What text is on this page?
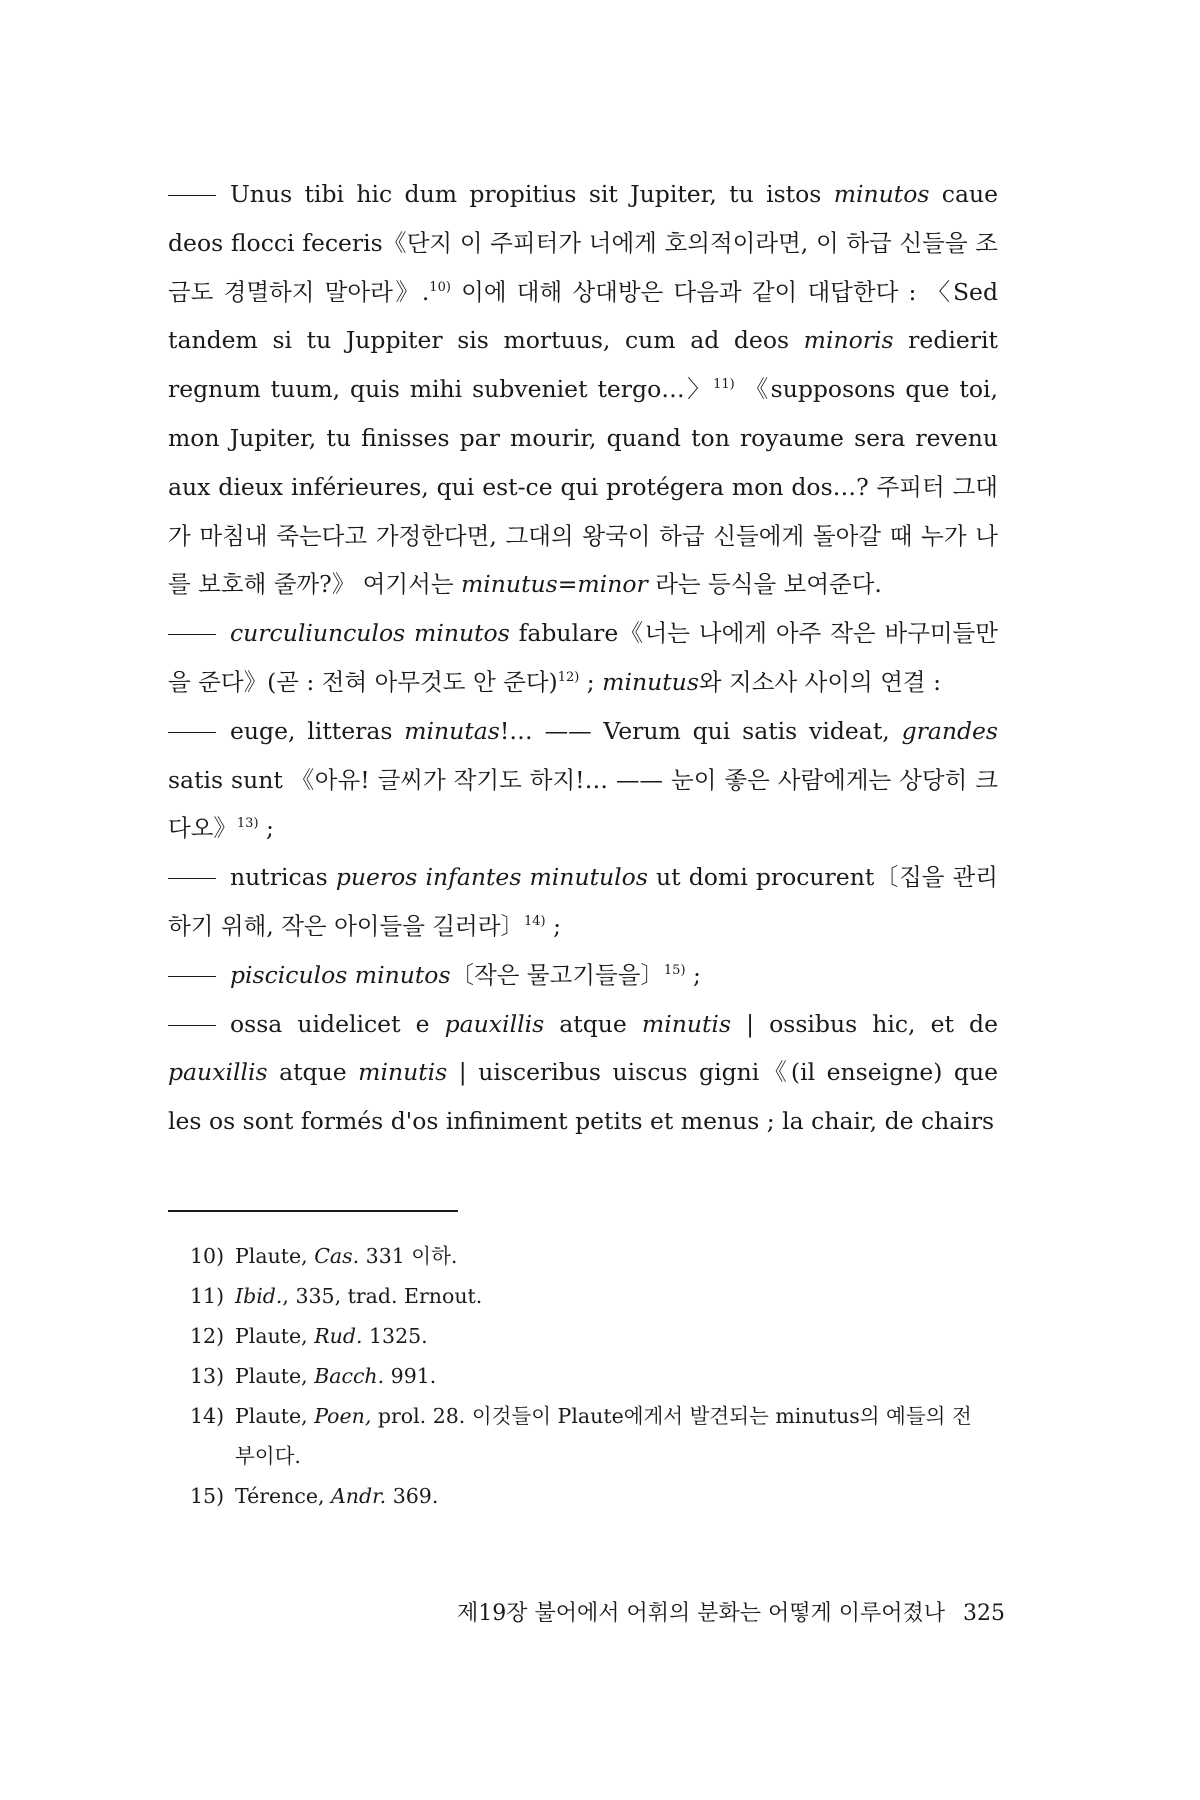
Unus tibi hic dum propitius sit Jupiter, tu istos minutos caue deos flocci feceris《단지 이 주피터가 너에게 호의적이라면, 이 하급 신들을 조금도 경멸하지 말아라》.$^{10)}$ 이에 대해 상대방은 다음과 같이 대답한다 : 〈Sed tandem si tu Juppiter sis mortuus, cum ad deos minoris redierit regnum tuum, quis mihi subveniet tergo…〉$^{11)}$ 《supposons que toi, mon Jupiter, tu finisses par mourir, quand ton royaume sera revenu aux dieux inférieures, qui est-ce qui protégera mon dos…? 주피터 그대가 마침내 죽는다고 가정한다면, 그대의 왕국이 하급 신들에게 돌아갈 때 누가 나를 보호해 줄까?》 여기서는 minutus=minor 라는 등식을 보여준다.

curculiunculos minutos fabulare《너는 나에게 아주 작은 바구미들만을 준다》(곧 : 전혀 아무것도 안 준다)$^{12)}$ ; minutus와 지소사 사이의 연결 :

euge, litteras minutas!… —— Verum qui satis videat, grandes satis sunt 《아유! 글씨가 작기도 하지!… —— 눈이 좋은 사람에게는 상당히 크다오》$^{13)}$ ;

nutricas pueros infantes minutulos ut domi procurent〔집을 관리하기 위해, 작은 아이들을 길러라〕$^{14)}$ ;

pisciculos minutos〔작은 물고기들을〕$^{15)}$ ;

ossa uidelicet e pauxillis atque minutis | ossibus hic, et de pauxillis atque minutis | uisceribus uiscus gigni《(il enseigne) que les os sont formés d'os infiniment petits et menus ; la chair, de chairs

10) Plaute, Cas. 331 이하.

11) Ibid., 335, trad. Ernout.

12) Plaute, Rud. 1325.

13) Plaute, Bacch. 991.

14) Plaute, Poen, prol. 28. 이것들이 Plaute에게서 발견되는 minutus의 예들의 전부이다.

15) Térence, Andr. 369.

제19장 불어에서 어휘의 분화는 어떻게 이루어졌나 325
